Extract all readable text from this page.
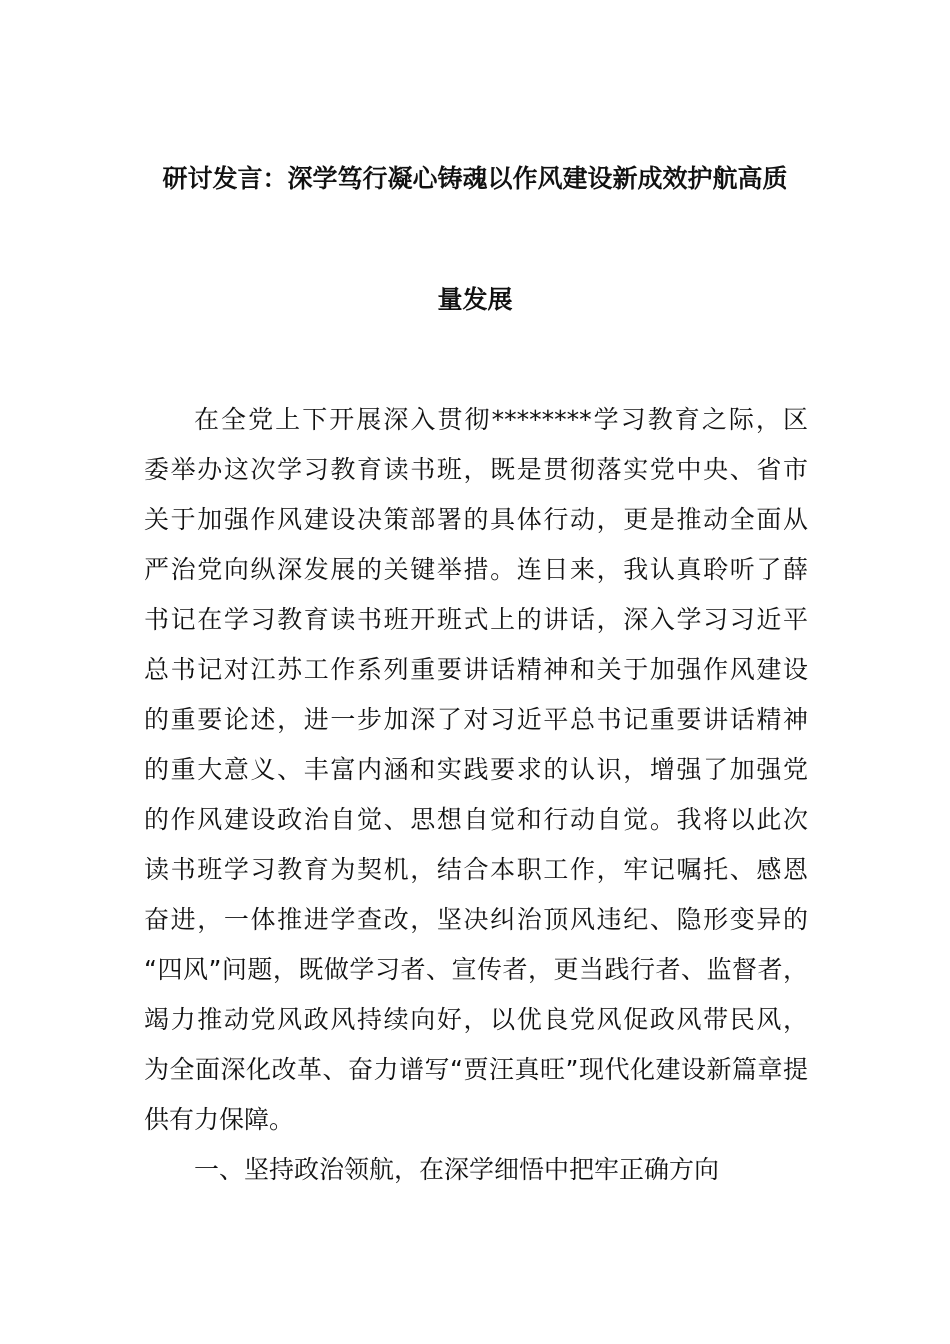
研讨发言：深学笃行凝心铸魂以作风建设新成效护航高质
量发展
在全党上下开展深入贯彻********学习教育之际，区
委举办这次学习教育读书班，既是贯彻落实党中央、省市
关于加强作风建设决策部署的具体行动，更是推动全面从
严治党向纵深发展的关键举措。连日来，我认真聆听了薛
书记在学习教育读书班开班式上的讲话，深入学习习近平
总书记对江苏工作系列重要讲话精神和关于加强作风建设
的重要论述，进一步加深了对习近平总书记重要讲话精神
的重大意义、丰富内涵和实践要求的认识，增强了加强党
的作风建设政治自觉、思想自觉和行动自觉。我将以此次
读书班学习教育为契机，结合本职工作，牢记嘱托、感恩
奋进，一体推进学查改，坚决纠治顶风违纪、隐形变异的
“四风”问题，既做学习者、宣传者，更当践行者、监督者，
竭力推动党风政风持续向好，以优良党风促政风带民风，
为全面深化改革、奋力谱写“贾汪真旺”现代化建设新篇章提
供有力保障。
一、坚持政治领航，在深学细悟中把牢正确方向
